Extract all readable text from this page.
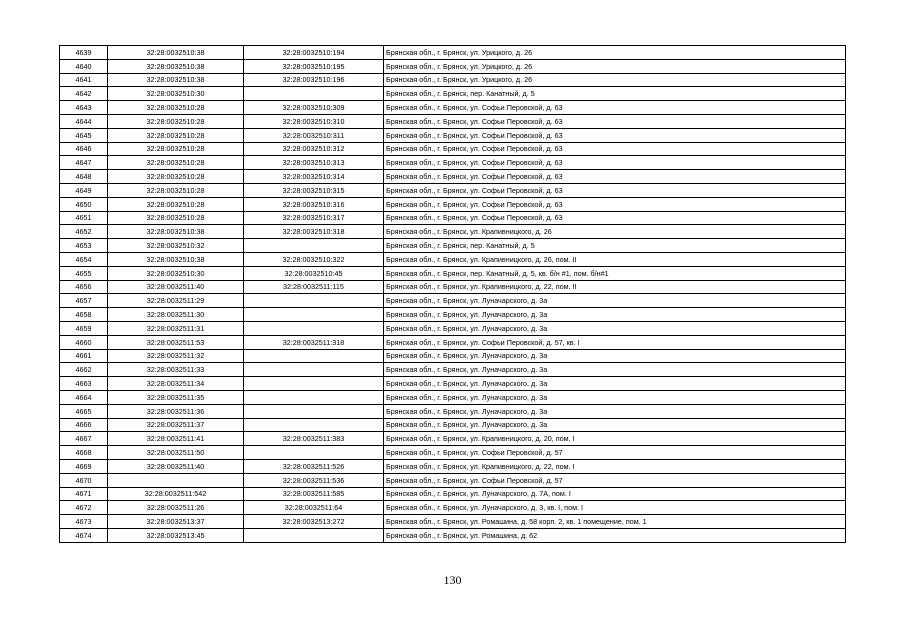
4639	32:28:0032510:38	32:28:0032510:194	Брянская обл., г. Брянск, ул. Урицкого, д. 26
4640	32:28:0032510:38	32:28:0032510:195	Брянская обл., г. Брянск, ул. Урицкого, д. 26
4641	32:28:0032510:38	32:28:0032510:196	Брянская обл., г. Брянск, ул. Урицкого, д. 26
4642	32:28:0032510:30		Брянская обл., г. Брянск, пер. Канатный, д. 5
4643	32:28:0032510:28	32:28:0032510:309	Брянская обл., г. Брянск, ул. Софьи Перовской, д. 63
4644	32:28:0032510:28	32:28:0032510:310	Брянская обл., г. Брянск, ул. Софьи Перовской, д. 63
4645	32:28:0032510:28	32:28:0032510:311	Брянская обл., г. Брянск, ул. Софьи Перовской, д. 63
4646	32:28:0032510:28	32:28:0032510:312	Брянская обл., г. Брянск, ул. Софьи Перовской, д. 63
4647	32:28:0032510:28	32:28:0032510:313	Брянская обл., г. Брянск, ул. Софьи Перовской, д. 63
4648	32:28:0032510:28	32:28:0032510:314	Брянская обл., г. Брянск, ул. Софьи Перовской, д. 63
4649	32:28:0032510:28	32:28:0032510:315	Брянская обл., г. Брянск, ул. Софьи Перовской, д. 63
4650	32:28:0032510:28	32:28:0032510:316	Брянская обл., г. Брянск, ул. Софьи Перовской, д. 63
4651	32:28:0032510:28	32:28:0032510:317	Брянская обл., г. Брянск, ул. Софьи Перовской, д. 63
4652	32:28:0032510:38	32:28:0032510:318	Брянская обл., г. Брянск, ул. Крапивницкого, д. 26
4653	32:28:0032510:32		Брянская обл., г. Брянск, пер. Канатный, д. 5
4654	32:28:0032510:38	32:28:0032510:322	Брянская обл., г. Брянск, ул. Крапивницкого, д. 26, пом. II
4655	32:28:0032510:30	32:28:0032510:45	Брянская обл., г. Брянск, пер. Канатный, д. 5, кв. б/н #1, пом. б/н#1
4656	32:28:0032511:40	32:28:0032511:115	Брянская обл., г. Брянск, ул. Крапивницкого, д. 22, пом. II
4657	32:28:0032511:29		Брянская обл., г. Брянск, ул. Луначарского, д. 3а
4658	32:28:0032511:30		Брянская обл., г. Брянск, ул. Луначарского, д. 3а
4659	32:28:0032511:31		Брянская обл., г. Брянск, ул. Луначарского, д. 3а
4660	32:28:0032511:53	32:28:0032511:318	Брянская обл., г. Брянск, ул. Софьи Перовской, д. 57, кв. I
4661	32:28:0032511:32		Брянская обл., г. Брянск, ул. Луначарского, д. 3а
4662	32:28:0032511:33		Брянская обл., г. Брянск, ул. Луначарского, д. 3а
4663	32:28:0032511:34		Брянская обл., г. Брянск, ул. Луначарского, д. 3а
4664	32:28:0032511:35		Брянская обл., г. Брянск, ул. Луначарского, д. 3а
4665	32:28:0032511:36		Брянская обл., г. Брянск, ул. Луначарского, д. 3а
4666	32:28:0032511:37		Брянская обл., г. Брянск, ул. Луначарского, д. 3а
4667	32:28:0032511:41	32:28:0032511:383	Брянская обл., г. Брянск, ул. Крапивницкого, д. 20, пом. I
4668	32:28:0032511:50		Брянская обл., г. Брянск, ул. Софьи Перовской, д. 57
4669	32:28:0032511:40	32:28:0032511:526	Брянская обл., г. Брянск, ул. Крапивницкого, д. 22, пом. I
4670		32:28:0032511:536	Брянская обл., г. Брянск, ул. Софьи Перовской, д. 57
4671	32:28:0032511:542	32:28:0032511:585	Брянская обл., г. Брянск, ул. Луначарского, д. 7А, пом. I
4672	32:28:0032511:26	32:28:0032511:64	Брянская обл., г. Брянск, ул. Луначарского, д. 3, кв. I, пом. I
4673	32:28:0032513:37	32:28:0032513:272	Брянская обл., г. Брянск, ул. Ромашина, д. 58 корп. 2, кв. 1 помещение, пом. 1
4674	32:28:0032513:45		Брянская обл., г. Брянск, ул. Ромашина, д. 62
130
